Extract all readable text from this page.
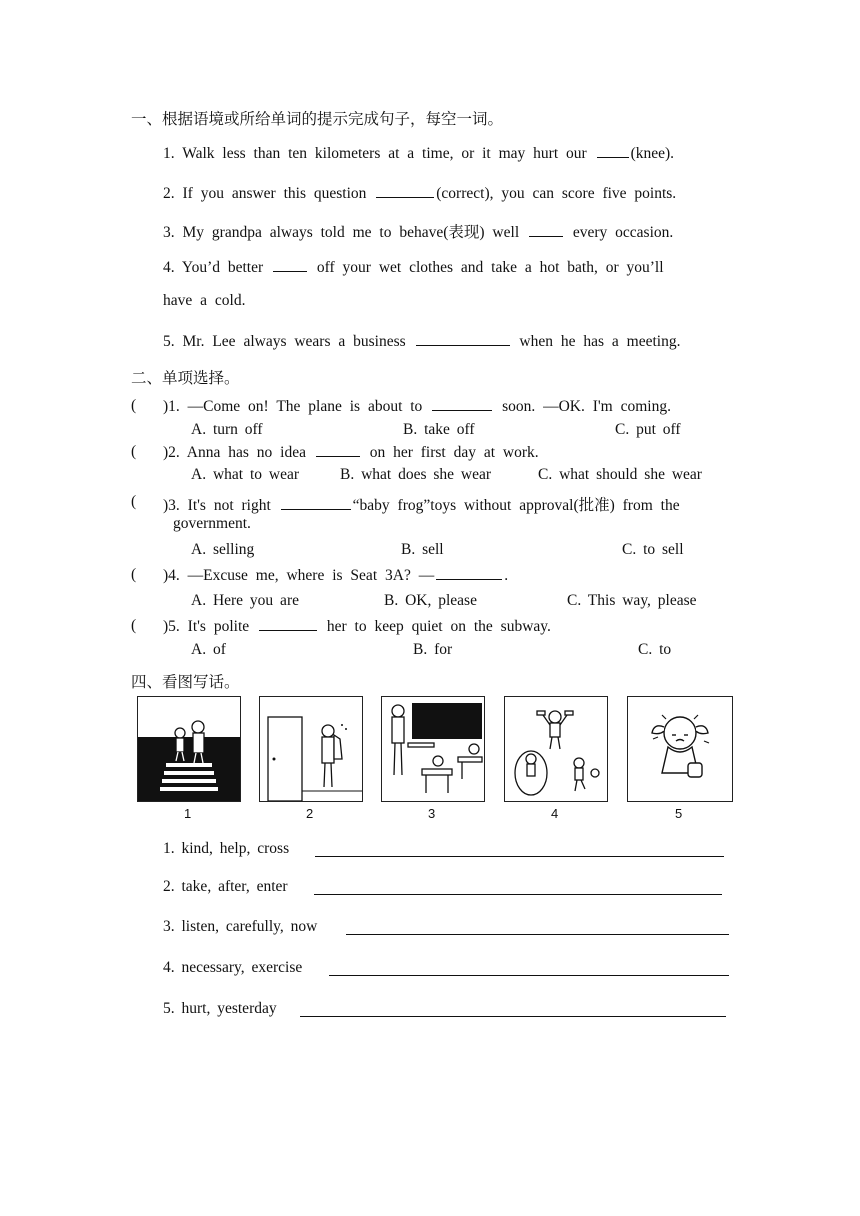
一、根据语境或所给单词的提示完成句子，每空一词。
1. Walk less than ten kilometers at a time, or it may hurt our	(knee).
2. If you answer this question	(correct), you can score five points.
3. My grandpa always told me to behave(表现) well	every occasion.
4. You’d better	off your wet clothes and take a hot bath, or you’ll
have a cold.
5. Mr. Lee always wears a business	when he has a meeting.
二、单项选择。
( )1. —Come on! The plane is about to	soon. —OK. I'm coming.
A. turn off	B. take off	C. put off
( )2. Anna has no idea	on her first day at work.
A. what to wear	B. what does she wear	C. what should she wear
( )3. It's not right	“baby frog”toys without approval(批准) from the
government.
A. selling	B. sell	C. to sell
( )4. —Excuse me, where is Seat 3A? —	.
A. Here you are	B. OK, please	C. This way, please
( )5. It's polite	her to keep quiet on the subway.
A. of	B. for	C. to
四、看图写话。
1	2	3	4	5
1. kind, help, cross
2. take, after, enter
3. listen, carefully, now
4. necessary, exercise
5. hurt, yesterday
